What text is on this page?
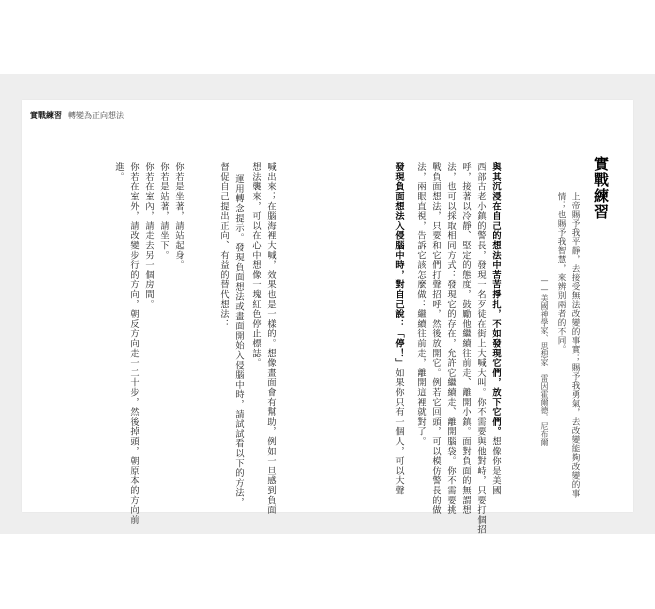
實戰練習 轉變為正向想法
實戰練習
上帝賜予我平靜，去接受無法改變的事實；賜予我勇氣，去改變能夠改變的事
情；也賜予我智慧，來辨別兩者的不同。
——美國神學家、思想家　雷因霍爾德．尼布爾
與其沉浸在自己的想法中苦苦掙扎，不如發現它們，放下它們。想像你是美國
西部古老小鎮的警長，發現一名歹徒在街上大喊大叫。你不需要與他對峙，只要打個招
呼，接著以冷靜、堅定的態度，鼓勵他繼續往前走、離開小鎮。面對負面的無謂想
法，也可以採取相同方式：發現它的存在，允許它繼續走、離開腦袋。你不需要挑
戰負面想法，只要和它們打聲招呼，然後放開它。例若它回頭，可以模仿警長的做
法，兩眼直視，告訴它該怎麼做：繼續往前走，離開這裡就對了。
發現負面想法入侵腦中時，對自己說：「停！」如果你只有一個人，可以大聲
喊出來；在腦海裡大喊，效果也是一樣的。想像畫面會有幫助，例如一旦感到負面
想法襲來，可以在心中想像一塊紅色停止標誌。
運用轉念提示。發現負面想法或畫面開始入侵腦中時，請試試看以下的方法，
督促自己提出正向、有益的替代想法：
你若是坐著，請站起身。
你若是站著，請坐下。
你若在室內，請走去另一個房間。
你若在室外，請改變步行的方向，朝反方向走一二十步，然後掉頭，朝原本的方向前
進。
